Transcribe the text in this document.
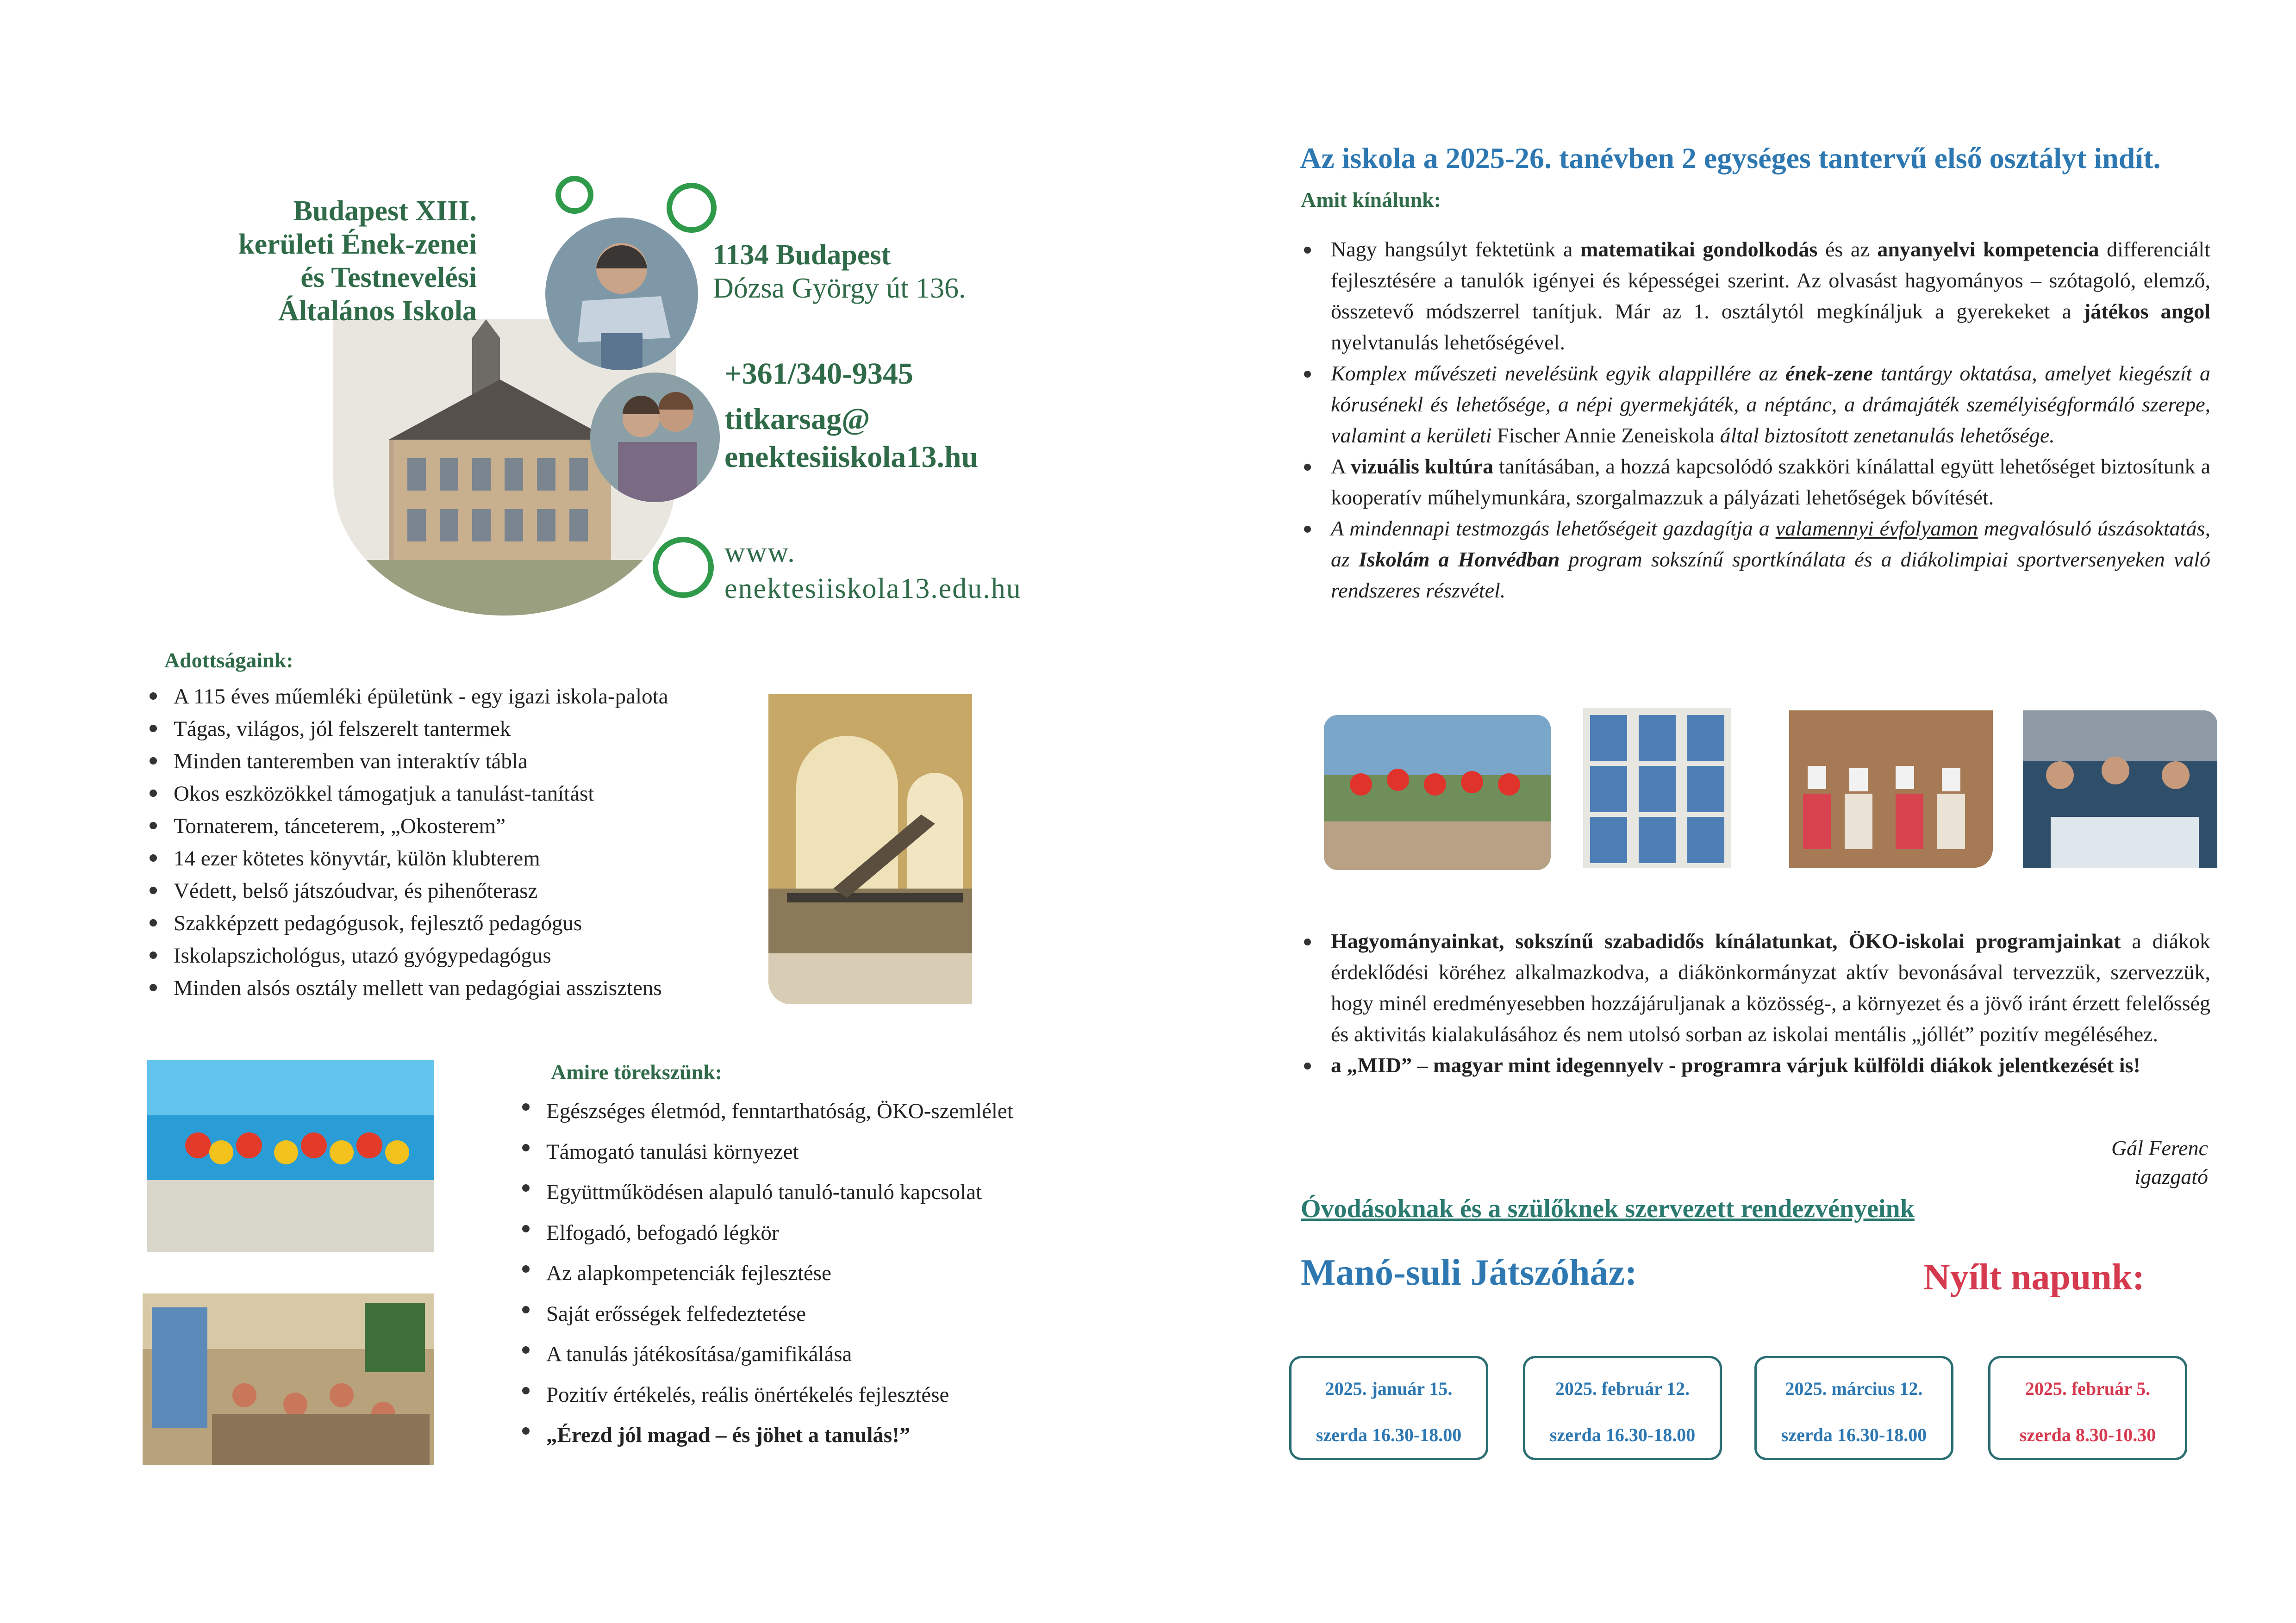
Budapest XIII.
kerületi Ének-zenei
és Testnevelési
Általános Iskola
1134 Budapest
Dózsa György út 136.
+361/340-9345
titkarsag@
enektesiiskola13.hu
www.
enektesiiskola13.edu.hu
Adottságaink:
A 115 éves műemléki épületünk - egy igazi iskola-palota
Tágas, világos, jól felszerelt tantermek
Minden tanteremben van interaktív tábla
Okos eszközökkel támogatjuk a tanulást-tanítást
Tornaterem, tánceterem, „Okosterem”
14 ezer kötetes könyvtár, külön klubterem
Védett, belső játszóudvar, és pihenőterasz
Szakképzett pedagógusok, fejlesztő pedagógus
Iskolapszichológus, utazó gyógypedagógus
Minden alsós osztály mellett van pedagógiai asszisztens
Amire törekszünk:
Egészséges életmód, fenntarthatóság, ÖKO-szemlélet
Támogató tanulási környezet
Együttműködésen alapuló tanuló-tanuló kapcsolat
Elfogadó, befogadó légkör
Az alapkompetenciák fejlesztése
Saját erősségek felfedeztetése
A tanulás játékosítása/gamifikálása
Pozitív értékelés, reális önértékelés fejlesztése
„Érezd jól magad – és jöhet a tanulás!”
Az iskola a 2025-26. tanévben 2 egységes tantervű első osztályt indít.
Amit kínálunk:
Nagy hangsúlyt fektetünk a matematikai gondolkodás és az anyanyelvi kompetencia differenciált fejlesztésére a tanulók igényei és képességei szerint. Az olvasást hagyományos – szótagoló, elemző, összetevő módszerrel tanítjuk. Már az 1. osztálytól megkínáljuk a gyerekeket a játékos angol nyelvtanulás lehetőségével.
Komplex művészeti nevelésünk egyik alappillére az ének-zene tantárgy oktatása, amelyet kiegészít a kórusénekl és lehetősége, a népi gyermekjáték, a néptánc, a drámajáték személyiségformáló szerepe, valamint a kerületi Fischer Annie Zeneiskola által biztosított zenetanulás lehetősége.
A vizuális kultúra tanításában, a hozzá kapcsolódó szakköri kínálattal együtt lehetőséget biztosítunk a kooperatív műhelymunkára, szorgalmazzuk a pályázati lehetőségek bővítését.
A mindennapi testmozgás lehetőségeit gazdagítja a valamennyi évfolyamon megvalósuló úszásoktatás, az Iskolám a Honvédban program sokszínű sportkínálata és a diákolimpiai sportversenyeken való rendszeres részvétel.
Hagyományainkat, sokszínű szabadidős kínálatunkat, ÖKO-iskolai programjainkat a diákok érdeklődési köréhez alkalmazkodva, a diákönkormányzat aktív bevonásával tervezzük, szervezzük, hogy minél eredményesebben hozzájáruljanak a közösség-, a környezet és a jövő iránt érzett felelősség és aktivitás kialakulásához és nem utolsó sorban az iskolai mentális „jóllét” pozitív megéléséhez.
a „MID” – magyar mint idegennyelv - programra várjuk külföldi diákok jelentkezését is!
Gál Ferenc
igazgató
Óvodásoknak és a szülőknek szervezett rendezvényeink
Manó-suli Játszóház:	Nyílt napunk:
2025. január 15.
szerda 16.30-18.00
2025. február 12.
szerda 16.30-18.00
2025. március 12.
szerda 16.30-18.00
2025. február 5.
szerda 8.30-10.30
